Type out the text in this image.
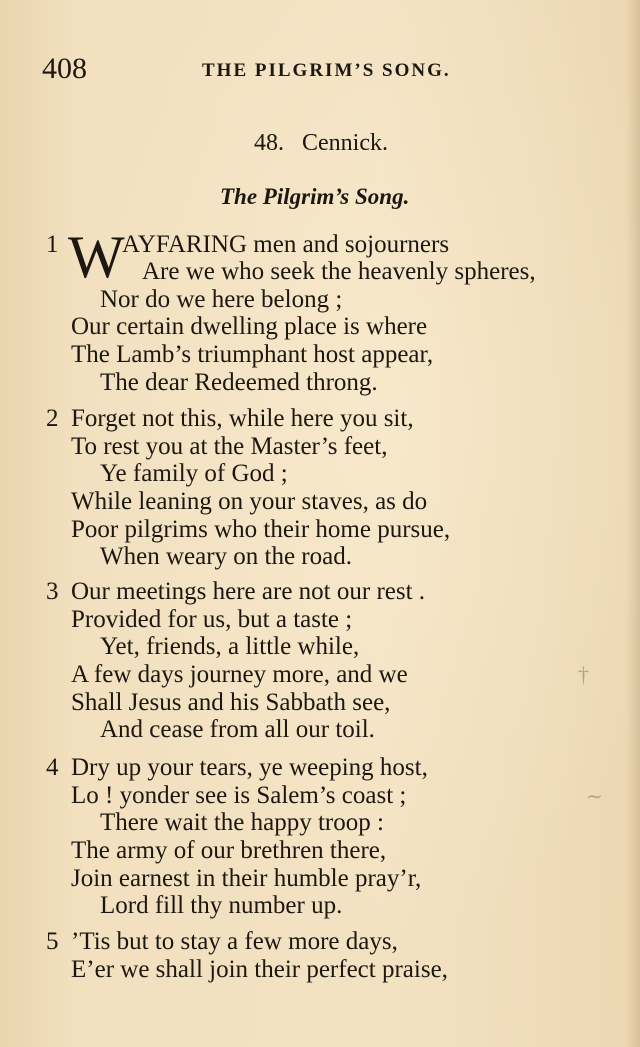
408	THE PILGRIM’S SONG.
48. Cennick.
The Pilgrim’s Song.
1 W
AYFARING men and sojourners
Are we who seek the heavenly spheres,
Nor do we here belong ;
Our certain dwelling place is where
The Lamb’s triumphant host appear,
The dear Redeemed throng.
2 Forget not this, while here you sit,
To rest you at the Master’s feet,
Ye family of God ;
While leaning on your staves, as do
Poor pilgrims who their home pursue,
When weary on the road.
3 Our meetings here are not our rest .
Provided for us, but a taste ;
Yet, friends, a little while,
A few days journey more, and we
Shall Jesus and his Sabbath see,
And cease from all our toil.
4 Dry up your tears, ye weeping host,
Lo ! yonder see is Salem’s coast ;
There wait the happy troop :
The army of our brethren there,
Join earnest in their humble pray’r,
Lord fill thy number up.
5 ’Tis but to stay a few more days,
E’er we shall join their perfect praise,
†
∼
